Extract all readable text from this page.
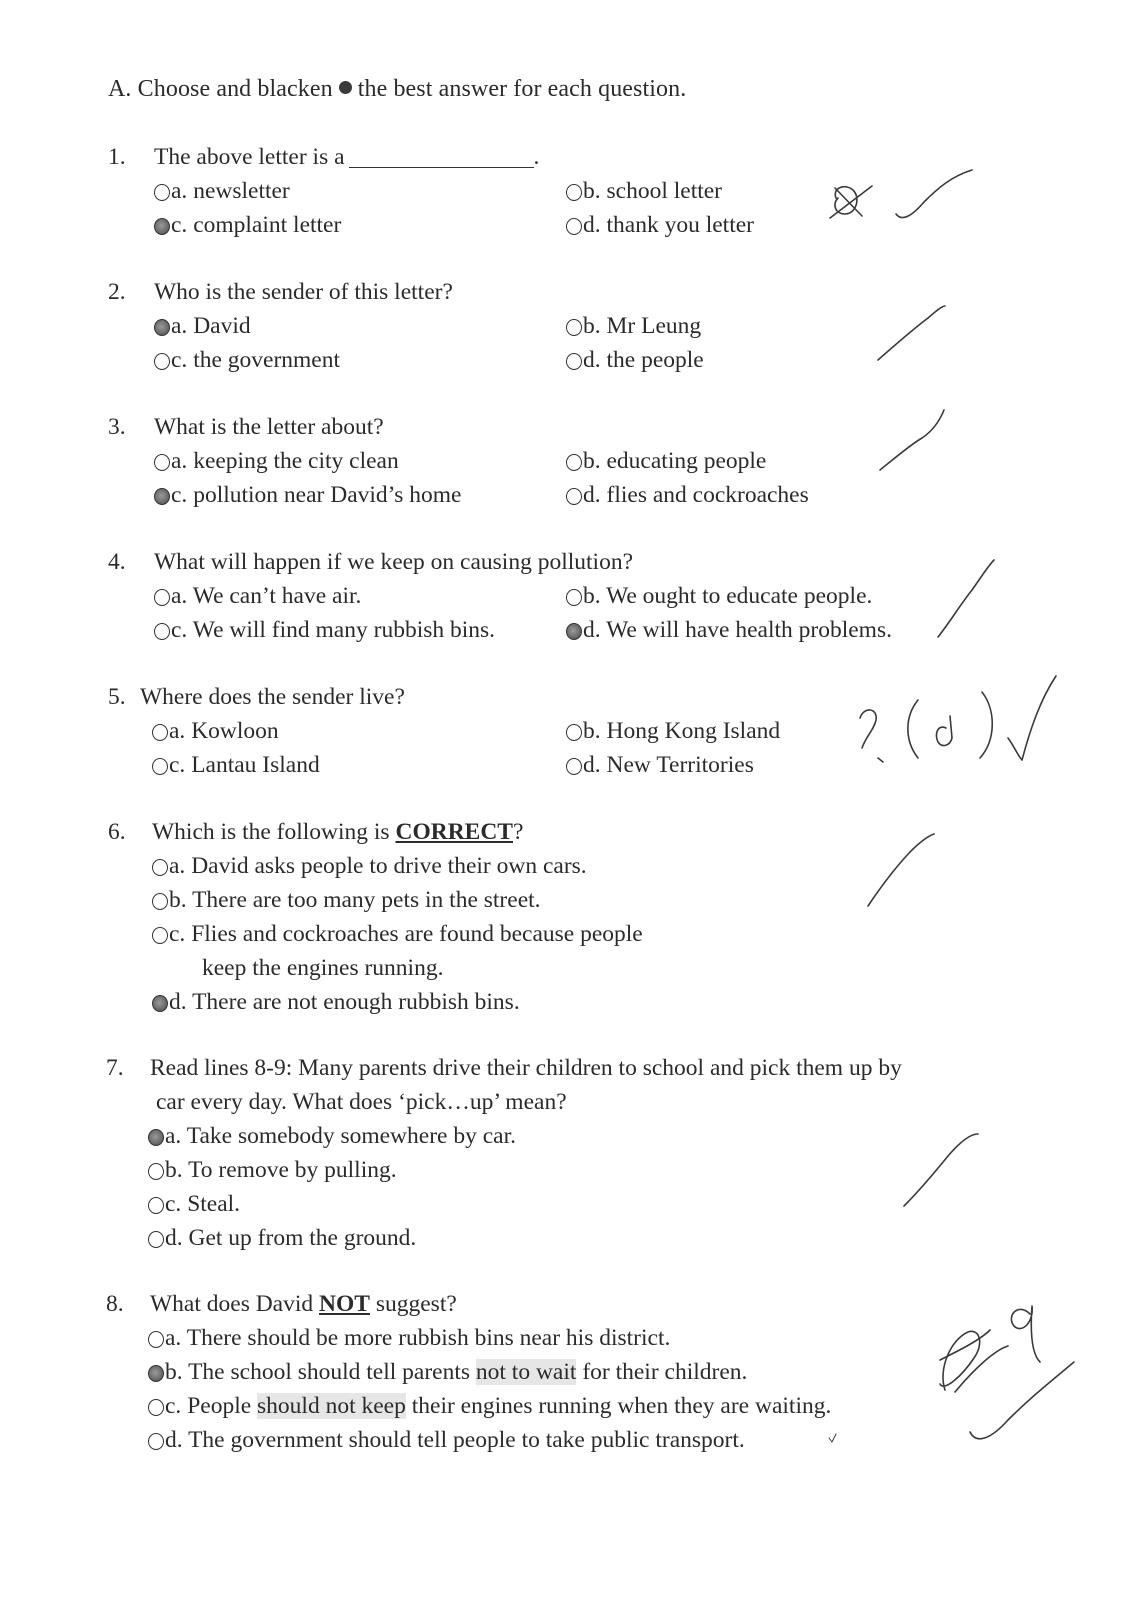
A. Choose and blacken the best answer for each question.
1. The above letter is a	.
a. newsletter	b. school letter
c. complaint letter	d. thank you letter
2. Who is the sender of this letter?
a. David	b. Mr Leung
c. the government	d. the people
3. What is the letter about?
a. keeping the city clean	b. educating people
c. pollution near David’s home	d. flies and cockroaches
4. What will happen if we keep on causing pollution?
a. We can’t have air.	b. We ought to educate people.
c. We will find many rubbish bins.	d. We will have health problems.
5. Where does the sender live?
a. Kowloon	b. Hong Kong Island
c. Lantau Island	d. New Territories
6. Which is the following is CORRECT?
a. David asks people to drive their own cars.
b. There are too many pets in the street.
c. Flies and cockroaches are found because people
keep the engines running.
d. There are not enough rubbish bins.
7. Read lines 8-9: Many parents drive their children to school and pick them up by
car every day. What does ‘pick…up’ mean?
a. Take somebody somewhere by car.
b. To remove by pulling.
c. Steal.
d. Get up from the ground.
8. What does David NOT suggest?
a. There should be more rubbish bins near his district.
b. The school should tell parents not to wait for their children.
c. People should not keep their engines running when they are waiting.
d. The government should tell people to take public transport.
